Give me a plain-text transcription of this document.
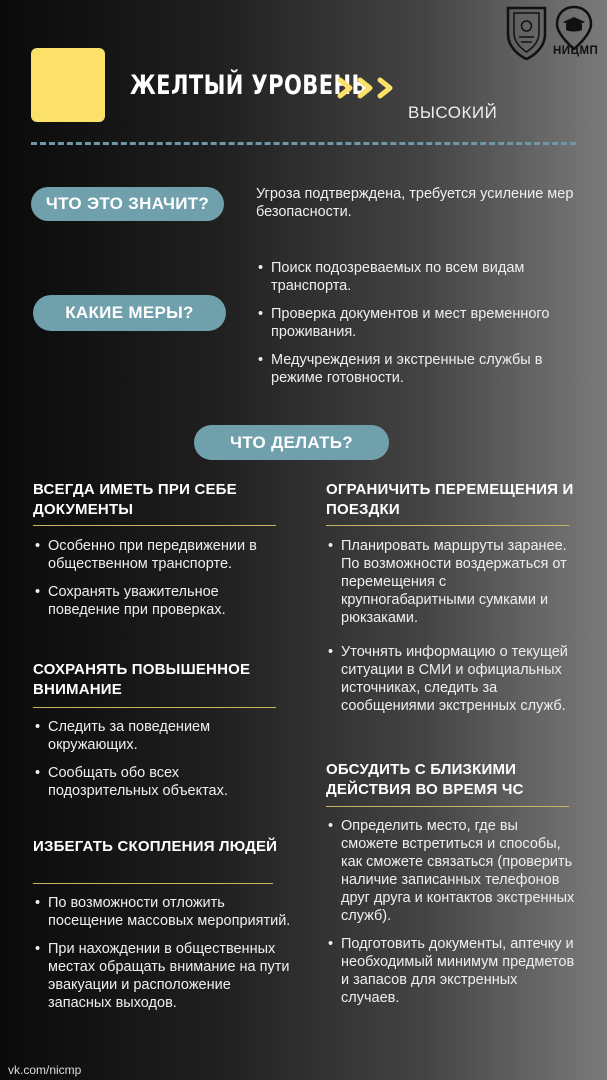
ЖЕЛТЫЙ УРОВЕНЬ
ВЫСОКИЙ
НИЦМП
ЧТО ЭТО ЗНАЧИТ?	Угроза подтверждена, требуется усиление мер безопасности.
КАКИЕ МЕРЫ?
• Поиск подозреваемых по всем видам транспорта.
• Проверка документов и мест временного проживания.
• Медучреждения и экстренные службы в режиме готовности.
ЧТО ДЕЛАТЬ?
ВСЕГДА ИМЕТЬ ПРИ СЕБЕ ДОКУМЕНТЫ
• Особенно при передвижении в общественном транспорте.
• Сохранять уважительное поведение при проверках.
СОХРАНЯТЬ ПОВЫШЕННОЕ ВНИМАНИЕ
• Следить за поведением окружающих.
• Сообщать обо всех подозрительных объектах.
ИЗБЕГАТЬ СКОПЛЕНИЯ ЛЮДЕЙ
• По возможности отложить посещение массовых мероприятий.
• При нахождении в общественных местах обращать внимание на пути эвакуации и расположение запасных выходов.
ОГРАНИЧИТЬ ПЕРЕМЕЩЕНИЯ И ПОЕЗДКИ
• Планировать маршруты заранее. По возможности воздержаться от перемещения с крупногабаритными сумками и рюкзаками.
• Уточнять информацию о текущей ситуации в СМИ и официальных источниках, следить за сообщениями экстренных служб.
ОБСУДИТЬ С БЛИЗКИМИ ДЕЙСТВИЯ ВО ВРЕМЯ ЧС
• Определить место, где вы сможете встретиться и способы, как сможете связаться (проверить наличие записанных телефонов друг друга и контактов экстренных служб).
• Подготовить документы, аптечку и необходимый минимум предметов и запасов для экстренных случаев.
vk.com/nicmp
